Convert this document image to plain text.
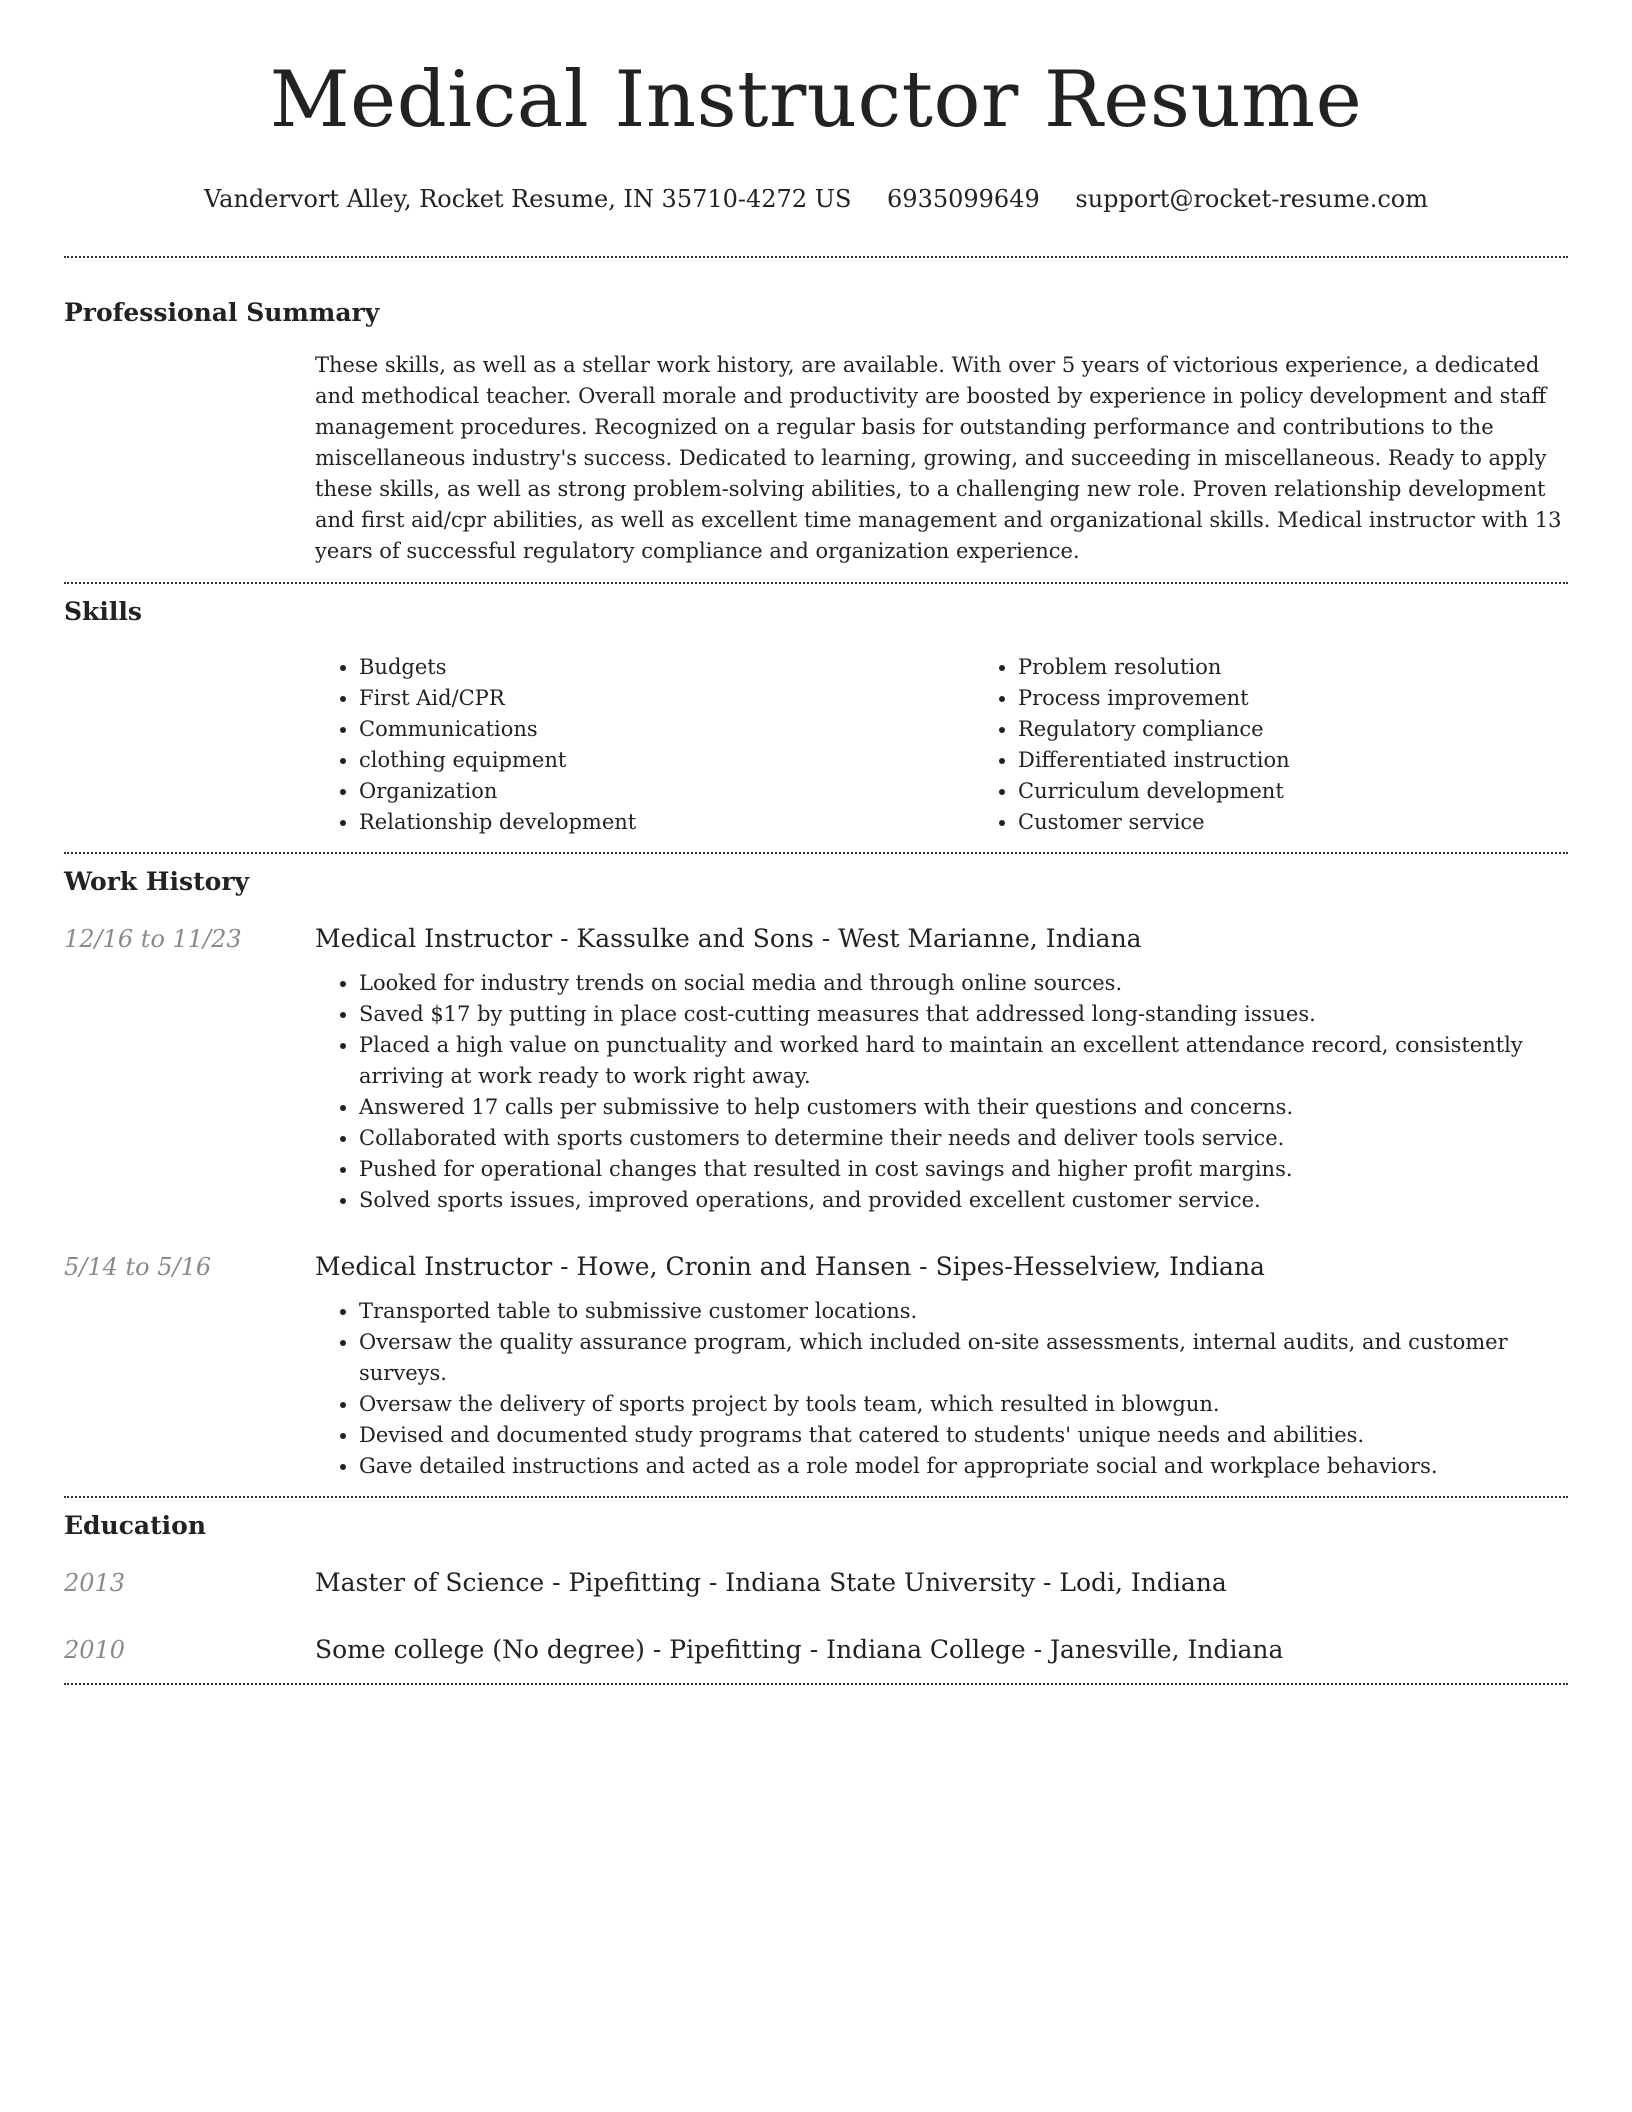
Medical Instructor Resume
Vandervort Alley, Rocket Resume, IN 35710-4272 US 6935099649 support@rocket-resume.com
Professional Summary

These skills, as well as a stellar work history, are available. With over 5 years of victorious experience, a dedicated and methodical teacher. Overall morale and productivity are boosted by experience in policy development and staff management procedures. Recognized on a regular basis for outstanding performance and contributions to the miscellaneous industry's success. Dedicated to learning, growing, and succeeding in miscellaneous. Ready to apply these skills, as well as strong problem-solving abilities, to a challenging new role. Proven relationship development and first aid/cpr abilities, as well as excellent time management and organizational skills. Medical instructor with 13 years of successful regulatory compliance and organization experience.

Skills
• Budgets
• First Aid/CPR
• Communications
• clothing equipment
• Organization
• Relationship development
• Problem resolution
• Process improvement
• Regulatory compliance
• Differentiated instruction
• Curriculum development
• Customer service
Work History
12/16 to 11/23	Medical Instructor - Kassulke and Sons - West Marianne, Indiana
• Looked for industry trends on social media and through online sources.
• Saved $17 by putting in place cost-cutting measures that addressed long-standing issues.
• Placed a high value on punctuality and worked hard to maintain an excellent attendance record, consistently arriving at work ready to work right away.
• Answered 17 calls per submissive to help customers with their questions and concerns.
• Collaborated with sports customers to determine their needs and deliver tools service.
• Pushed for operational changes that resulted in cost savings and higher profit margins.
• Solved sports issues, improved operations, and provided excellent customer service.
5/14 to 5/16	Medical Instructor - Howe, Cronin and Hansen - Sipes-Hesselview, Indiana
• Transported table to submissive customer locations.
• Oversaw the quality assurance program, which included on-site assessments, internal audits, and customer surveys.
• Oversaw the delivery of sports project by tools team, which resulted in blowgun.
• Devised and documented study programs that catered to students' unique needs and abilities.
• Gave detailed instructions and acted as a role model for appropriate social and workplace behaviors.
Education
2013	Master of Science - Pipefitting - Indiana State University - Lodi, Indiana
2010	Some college (No degree) - Pipefitting - Indiana College - Janesville, Indiana
